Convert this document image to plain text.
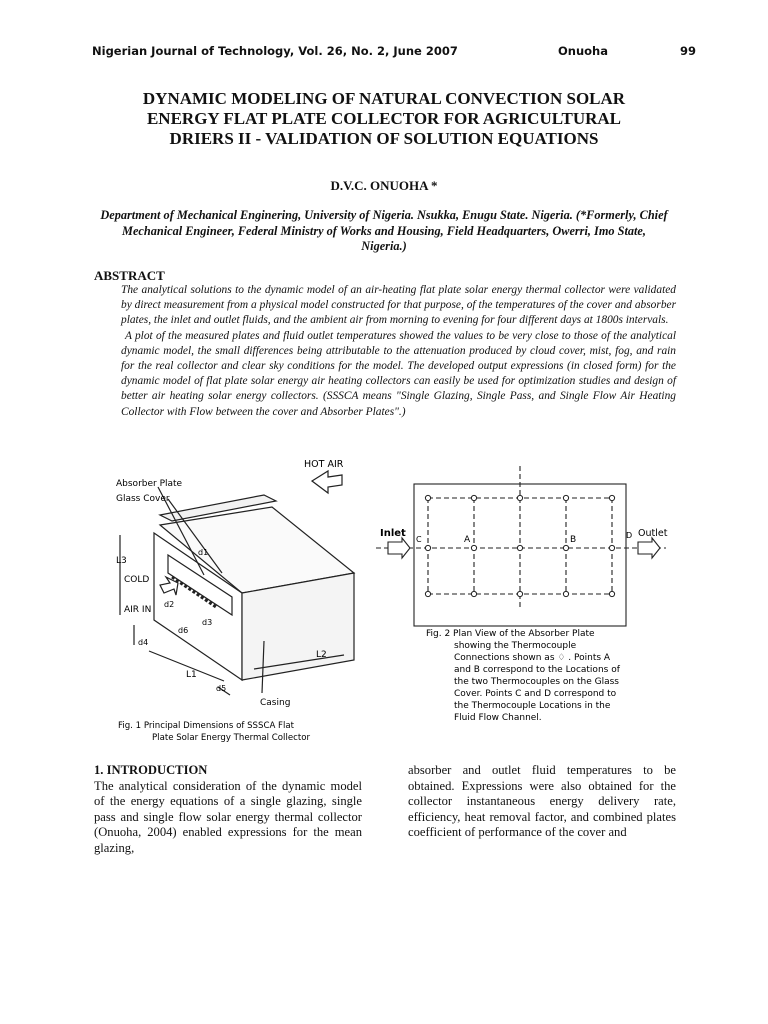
Nigerian Journal of Technology, Vol. 26, No. 2, June 2007	Onuoha	99
DYNAMIC MODELING OF NATURAL CONVECTION SOLAR
ENERGY FLAT PLATE COLLECTOR FOR AGRICULTURAL
DRIERS II - VALIDATION OF SOLUTION EQUATIONS
D.V.C. ONUOHA *
Department of Mechanical Enginering, University of Nigeria. Nsukka, Enugu State. Nigeria. (*Formerly, Chief Mechanical Engineer, Federal Ministry of Works and Housing, Field Headquarters, Owerri, Imo State, Nigeria.)
ABSTRACT

The analytical solutions to the dynamic model of an air-heating flat plate solar energy thermal collector were validated by direct measurement from a physical model constructed for that purpose, of the temperatures of the cover and absorber plates, the inlet and outlet fluids, and the ambient air from morning to evening for four different days at 1800s intervals.

A plot of the measured plates and fluid outlet temperatures showed the values to be very close to those of the analytical dynamic model, the small differences being attributable to the attenuation produced by cloud cover, mist, fog, and rain for the real collector and clear sky conditions for the model. The developed output expressions (in closed form) for the dynamic model of flat plate solar energy air heating collectors can easily be used for optimization studies and design of better air heating solar energy collectors. (SSSCA means "Single Glazing, Single Pass, and Single Flow Air Heating Collector with Flow between the cover and Absorber Plates".)

HOT AIR
Absorber Plate
Glass Cover
L3
COLD
AIR IN
d1
d2
d3
d4
d5
d6
L1
L2
Casing
Fig. 1 Principal Dimensions of SSSCA Flat
Plate Solar Energy Thermal Collector
Inlet	Outlet
C	A	B	D
Fig. 2 Plan View of the Absorber Plate
showing the Thermocouple
Connections shown as ♢ . Points A
and B correspond to the Locations of
the two Thermocouples on the Glass
Cover. Points C and D correspond to
the Thermocouple Locations in the
Fluid Flow Channel.
1. INTRODUCTION

The analytical consideration of the dynamic model of the energy equations of a single glazing, single pass and single flow solar energy thermal collector (Onuoha, 2004) enabled expressions for the mean glazing,

absorber and outlet fluid temperatures to be obtained. Expressions were also obtained for the collector instantaneous energy delivery rate, efficiency, heat removal factor, and combined plates coefficient of performance of the cover and
